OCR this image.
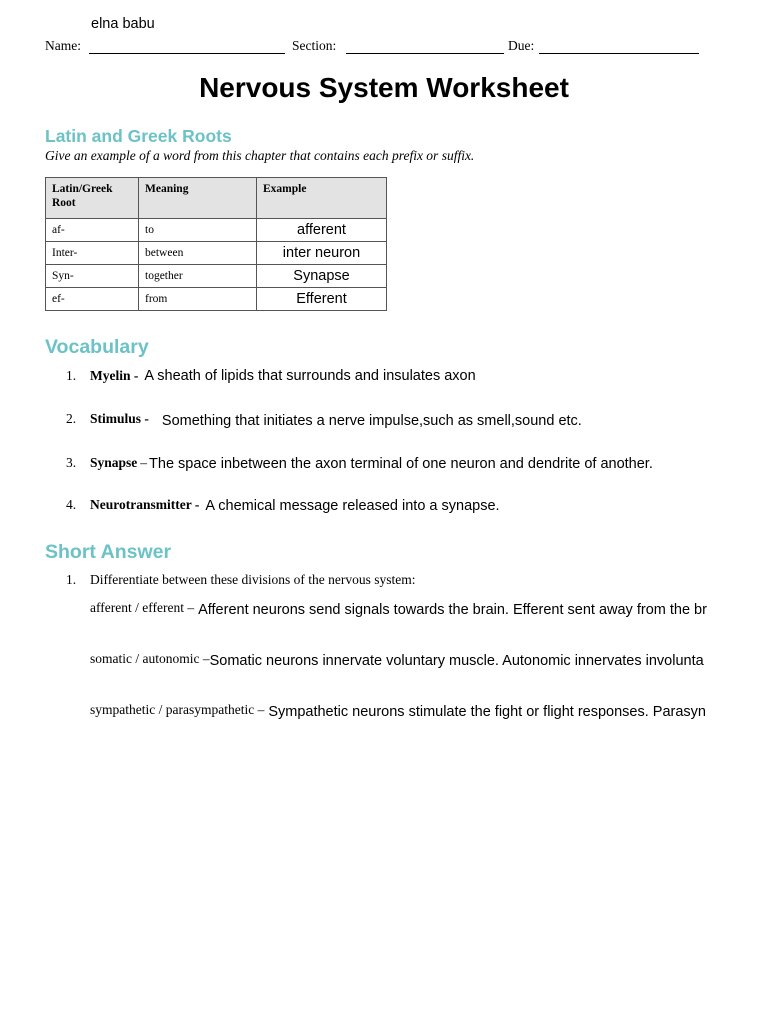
elna babu
Name:	Section:	Due:
Nervous System Worksheet
Latin and Greek Roots
Give an example of a word from this chapter that contains each prefix or suffix.
Latin/Greek Root	Meaning	Example
af-	to	afferent
Inter-	between	inter neuron
Syn-	together	Synapse
ef-	from	Efferent
Vocabulary
1. Myelin - A sheath of lipids that surrounds and insulates axon
2. Stimulus - Something that initiates a nerve impulse,such as smell,sound etc.
3. Synapse – The space inbetween the axon terminal of one neuron and dendrite of another.
4. Neurotransmitter - A chemical message released into a synapse.
Short Answer
1. Differentiate between these divisions of the nervous system:
afferent / efferent – Afferent neurons send signals towards the brain. Efferent sent away from the br
somatic / autonomic –Somatic neurons innervate voluntary muscle. Autonomic innervates involunta
sympathetic / parasympathetic – Sympathetic neurons stimulate the fight or flight responses. Parasyn
